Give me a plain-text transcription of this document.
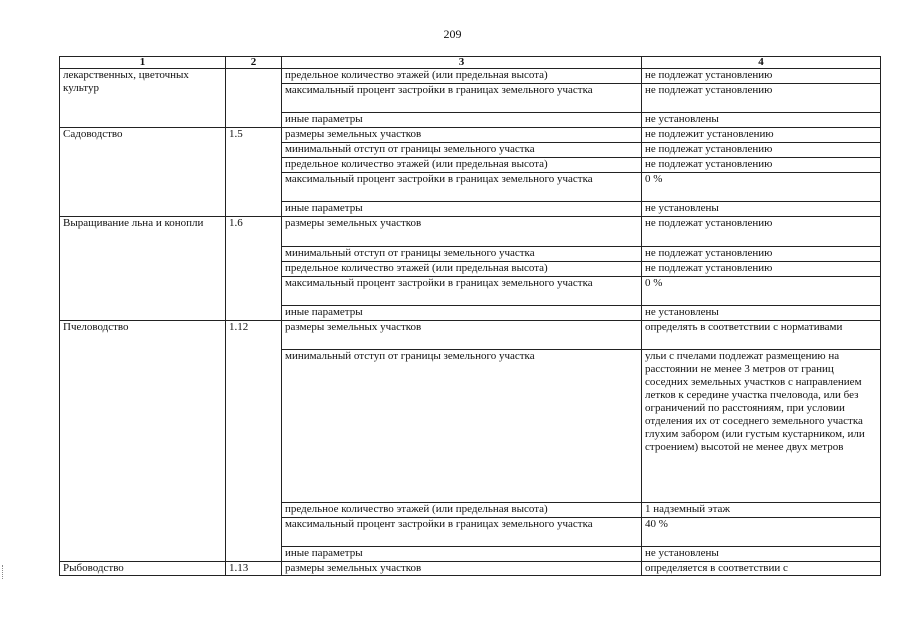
209
1	2	3	4
лекарственных, цветочных культур		предельное количество этажей (или предельная высота)	не подлежат установлению
		максимальный процент застройки в границах земельного участка	не подлежат установлению
		иные параметры	не установлены
Садоводство	1.5	размеры земельных участков	не подлежит установлению
		минимальный отступ от границы земельного участка	не подлежат установлению
		предельное количество этажей (или предельная высота)	не подлежат установлению
		максимальный процент застройки в границах земельного участка	0 %
		иные параметры	не установлены
Выращивание льна и конопли	1.6	размеры земельных участков	не подлежат установлению
		минимальный отступ от границы земельного участка	не подлежат установлению
		предельное количество этажей (или предельная высота)	не подлежат установлению
		максимальный процент застройки в границах земельного участка	0 %
		иные параметры	не установлены
Пчеловодство	1.12	размеры земельных участков	определять в соответствии с нормативами
		минимальный отступ от границы земельного участка	ульи с пчелами подлежат размещению на расстоянии не менее 3 метров от границ соседних земельных участков с направлением летков к середине участка пчеловода, или без ограничений по расстояниям, при условии отделения их от соседнего земельного участка глухим забором (или густым кустарником, или строением) высотой не менее двух метров
		предельное количество этажей (или предельная высота)	1 надземный этаж
		максимальный процент застройки в границах земельного участка	40 %
		иные параметры	не установлены
Рыбоводство	1.13	размеры земельных участков	определяется в соответствии с
